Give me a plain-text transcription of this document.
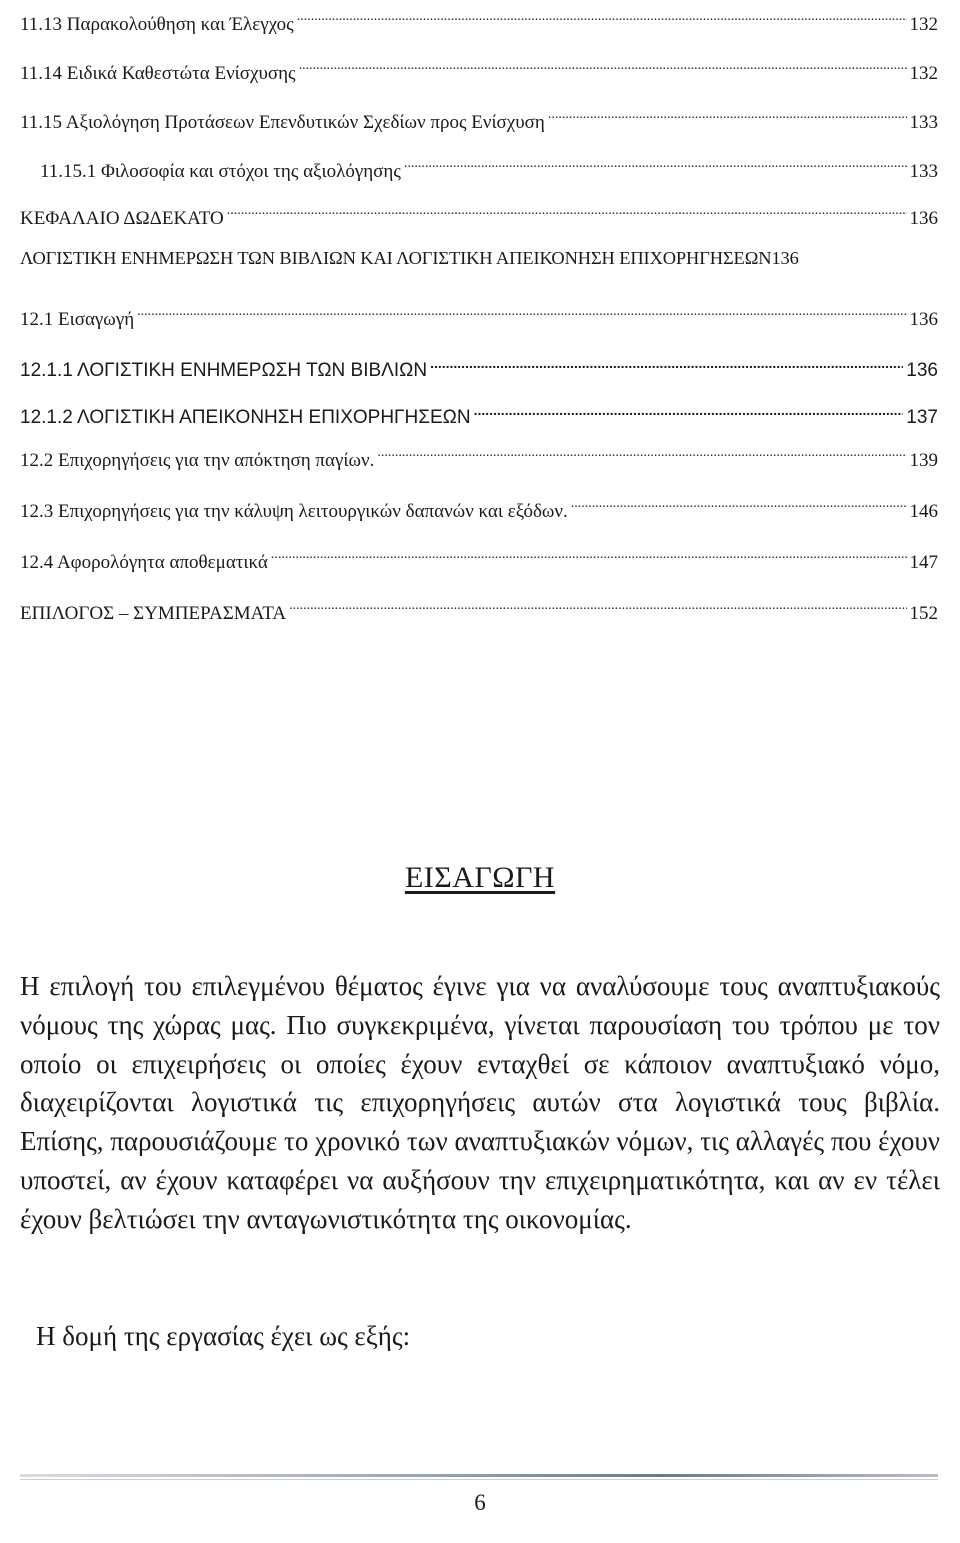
11.13 Παρακολούθηση και Έλεγχος .....	132
11.14 Ειδικά Καθεστώτα Ενίσχυσης .....	132
11.15 Αξιολόγηση Προτάσεων Επενδυτικών Σχεδίων προς Ενίσχυση .....	133
11.15.1 Φιλοσοφία και στόχοι της αξιολόγησης .....	133
ΚΕΦΑΛΑΙΟ ΔΩΔΕΚΑΤΟ .....	136
ΛΟΓΙΣΤΙΚΗ ΕΝΗΜΕΡΩΣΗ ΤΩΝ ΒΙΒΛΙΩΝ ΚΑΙ ΛΟΓΙΣΤΙΚΗ ΑΠΕΙΚΟΝΗΣΗ ΕΠΙΧΟΡΗΓΗΣΕΩΝ 136
12.1 Εισαγωγή .....	136
12.1.1 ΛΟΓΙΣΤΙΚΗ ΕΝΗΜΕΡΩΣΗ ΤΩΝ ΒΙΒΛΙΩΝ .....	136
12.1.2 ΛΟΓΙΣΤΙΚΗ ΑΠΕΙΚΟΝΗΣΗ ΕΠΙΧΟΡΗΓΗΣΕΩΝ .....	137
12.2 Επιχορηγήσεις για την απόκτηση παγίων. .....	139
12.3 Επιχορηγήσεις για την κάλυψη λειτουργικών δαπανών και εξόδων. .....	146
12.4 Αφορολόγητα αποθεματικά .....	147
ΕΠΙΛΟΓΟΣ – ΣΥΜΠΕΡΑΣΜΑΤΑ .....	152
ΕΙΣΑΓΩΓΗ

Η επιλογή του επιλεγμένου θέματος έγινε για να αναλύσουμε τους αναπτυξιακούς νόμους της χώρας μας. Πιο συγκεκριμένα, γίνεται παρουσίαση του τρόπου με τον οποίο οι επιχειρήσεις οι οποίες έχουν ενταχθεί σε κάποιον αναπτυξιακό νόμο, διαχειρίζονται λογιστικά τις επιχορηγήσεις αυτών στα λογιστικά τους βιβλία. Επίσης, παρουσιάζουμε το χρονικό των αναπτυξιακών νόμων, τις αλλαγές που έχουν υποστεί, αν έχουν καταφέρει να αυξήσουν την επιχειρηματικότητα, και αν εν τέλει έχουν βελτιώσει την ανταγωνιστικότητα της οικονομίας.

Η δομή της εργασίας έχει ως εξής:
6
